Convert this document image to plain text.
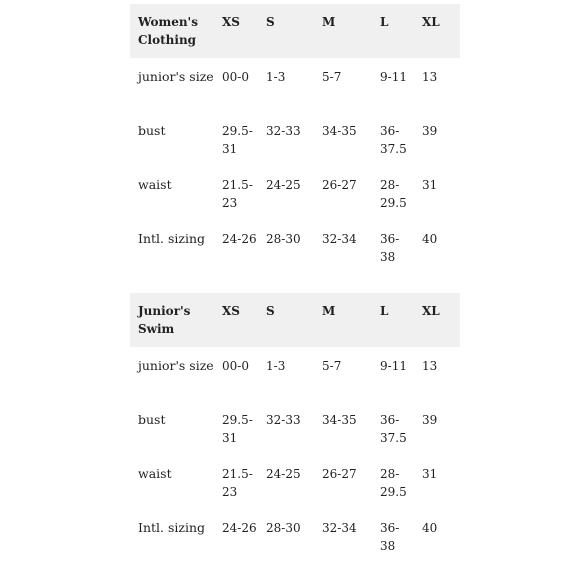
Women's Clothing	XS	S	M	L	XL
junior's size	00-0	1-3	5-7	9-11	13
bust	29.5-31	32-33	34-35	36-37.5	39
waist	21.5-23	24-25	26-27	28-29.5	31
Intl. sizing	24-26	28-30	32-34	36-38	40
Junior's Swim	XS	S	M	L	XL
junior's size	00-0	1-3	5-7	9-11	13
bust	29.5-31	32-33	34-35	36-37.5	39
waist	21.5-23	24-25	26-27	28-29.5	31
Intl. sizing	24-26	28-30	32-34	36-38	40
